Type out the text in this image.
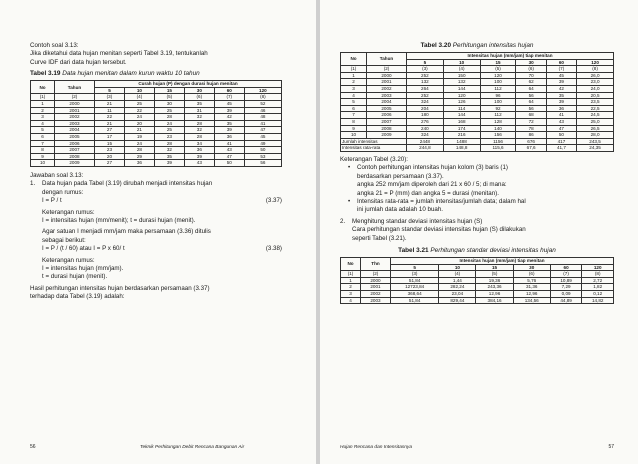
Contoh soal 3.13:

Jika diketahui data hujan menitan seperti Tabel 3.19, tentukanlah

Curve IDF dari data hujan tersebut.

Tabel 3.19 Data hujan menitan dalam kurun waktu 10 tahun
No	Tahun	Curah hujan (P) dengan durasi hujan menitan					
		5	10	15	30	60	120
(1)	(2)	(3)	(4)	(5)	(6)	(7)	(8)
1	2000	21	25	30	35	45	52
2	2001	11	22	25	31	39	46
3	2002	22	24	28	32	42	48
4	2003	21	20	24	28	35	41
5	2004	27	21	25	32	39	47
6	2005	17	19	23	28	36	45
7	2006	15	24	28	34	41	49
8	2007	23	28	32	36	43	50
9	2008	20	29	35	39	47	53
10	2009	27	36	39	43	50	56

Jawaban soal 3.13:

1.	Data hujan pada Tabel (3.19) dirubah menjadi intensitas hujan

dengan rumus:

I = P / t	(3.37)

Keterangan rumus:

I = intensitas hujan (mm/menit); t = durasi hujan (menit).

Agar satuan I menjadi mm/jam maka persamaan (3.36) ditulis

sebagai berikut:

I = P / (t / 60) atau I = P x 60/ t	(3.38)

Keterangan rumus:

I = intensitas hujan (mm/jam).

t = durasi hujan (menit).

Hasil perhitungan intensitas hujan berdasarkan persamaan (3.37)

terhadap data Tabel (3.19) adalah:

56	Teknik Perhitungan Debit Rencana Bangunan Air
Tabel 3.20 Perhitungan intensitas hujan
No	Tahun	Intensitas hujan (mm/jam) tiap menitan					
		5	10	15	30	60	120
(1)	(2)	(3)	(4)	(5)	(6)	(7)	(8)
1	2000	252	150	120	70	45	26,0
2	2001	132	132	100	62	39	23,0
3	2002	264	144	112	64	42	24,0
4	2003	252	120	96	56	35	20,5
5	2004	324	126	100	64	39	23,5
6	2005	204	114	92	56	36	22,5
7	2006	180	144	112	68	41	24,5
8	2007	276	168	128	72	43	25,0
9	2008	240	174	140	78	47	26,5
10	2009	324	216	156	86	50	28,0
Jumlah intensitas		2448	1488	1156	676	417	243,5
Intensitas rata-rata		244,8	148,8	115,6	67,6	41,7	24,35

Keterangan Tabel (3.20):

• Contoh perhitungan intensitas hujan kolom (3) baris (1)

berdasarkan persamaan (3.37).

angka 252 mm/jam diperoleh dari 21 x 60 / 5; di mana:

angka 21 = P (mm) dan angka 5 = durasi (menitan).

• Intensitas rata-rata = jumlah intensitas/jumlah data; dalam hal

ini jumlah data adalah 10 buah.

2.	Menghitung standar deviasi intensitas hujan (S)

Cara perhitungan standar deviasi intensitas hujan (S) dilakukan

seperti Tabel (3.21).

Tabel 3.21 Perhitungan standar deviasi intensitas hujan
No	Thn	Intensitas hujan (mm/jam) tiap menitan					
		5	10	15	30	60	120
(1)	(2)	(3)	(4)	(5)	(6)	(7)	(8)
1	2000	51,84	1,44	19,36	5,76	10,89	2,72
2	2001	12723,84	282,24	243,36	31,36	7,29	1,82
3	2002	368,64	23,04	12,96	12,96	0,09	0,12
4	2003	51,84	829,44	384,16	134,56	44,89	14,82
Hujan Rencana dan Intensitasnya	57
